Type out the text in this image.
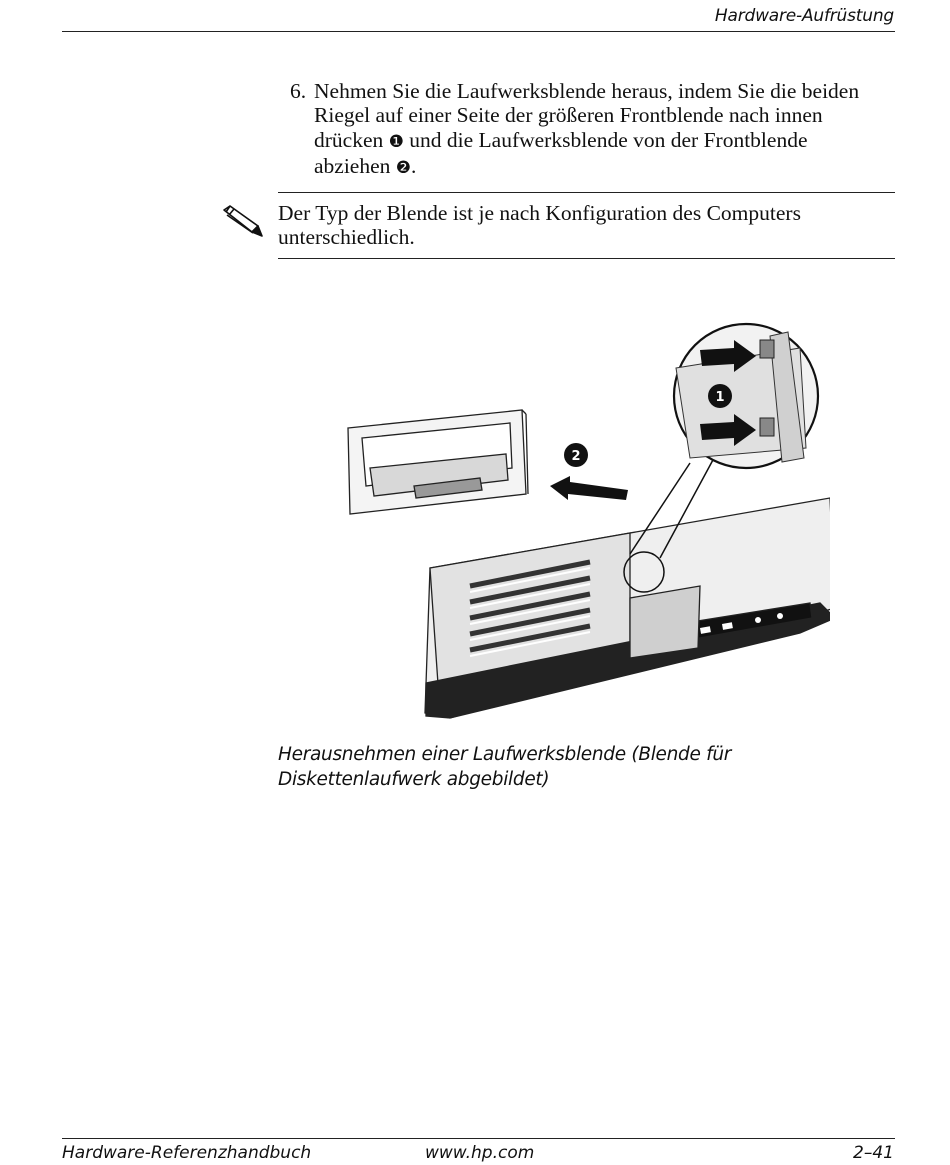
Hardware-Aufrüstung
6. Nehmen Sie die Laufwerksblende heraus, indem Sie die beiden Riegel auf einer Seite der größeren Frontblende nach innen drücken ❶ und die Laufwerksblende von der Frontblende abziehen ❷.
Der Typ der Blende ist je nach Konfiguration des Computers unterschiedlich.
2
1
Herausnehmen einer Laufwerksblende (Blende für Diskettenlaufwerk abgebildet)
Hardware-Referenzhandbuch	www.hp.com	2–41
